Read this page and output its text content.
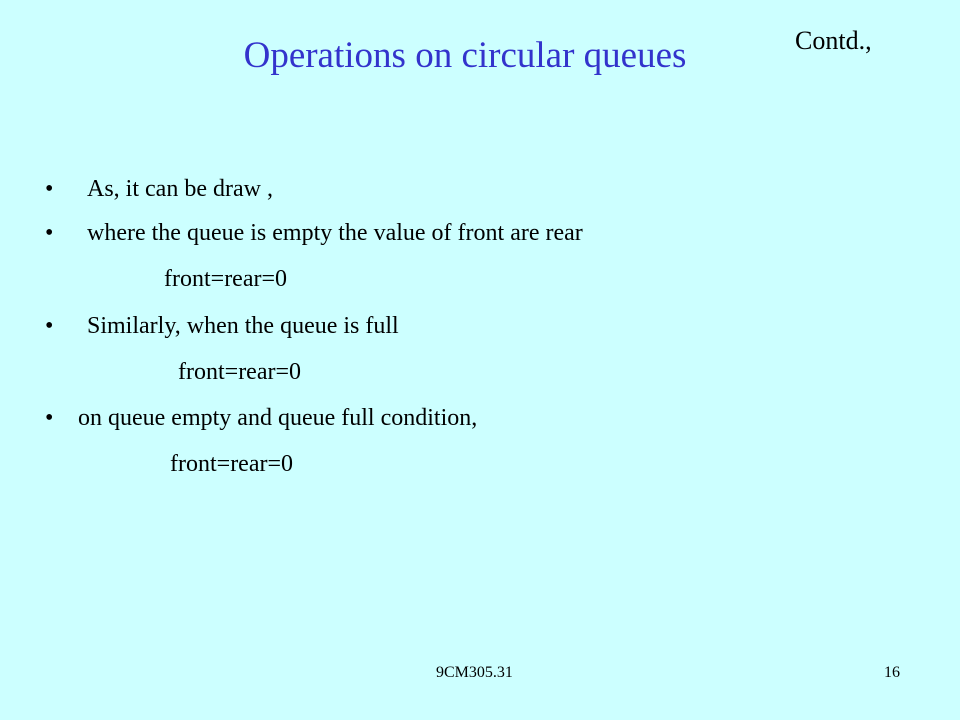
Operations on circular queues	Contd.,
• As, it can be draw ,
• where the queue is empty the value of front are rear
front=rear=0
• Similarly, when the queue is full
front=rear=0
• on queue empty and queue full condition,
front=rear=0
9CM305.31	16
